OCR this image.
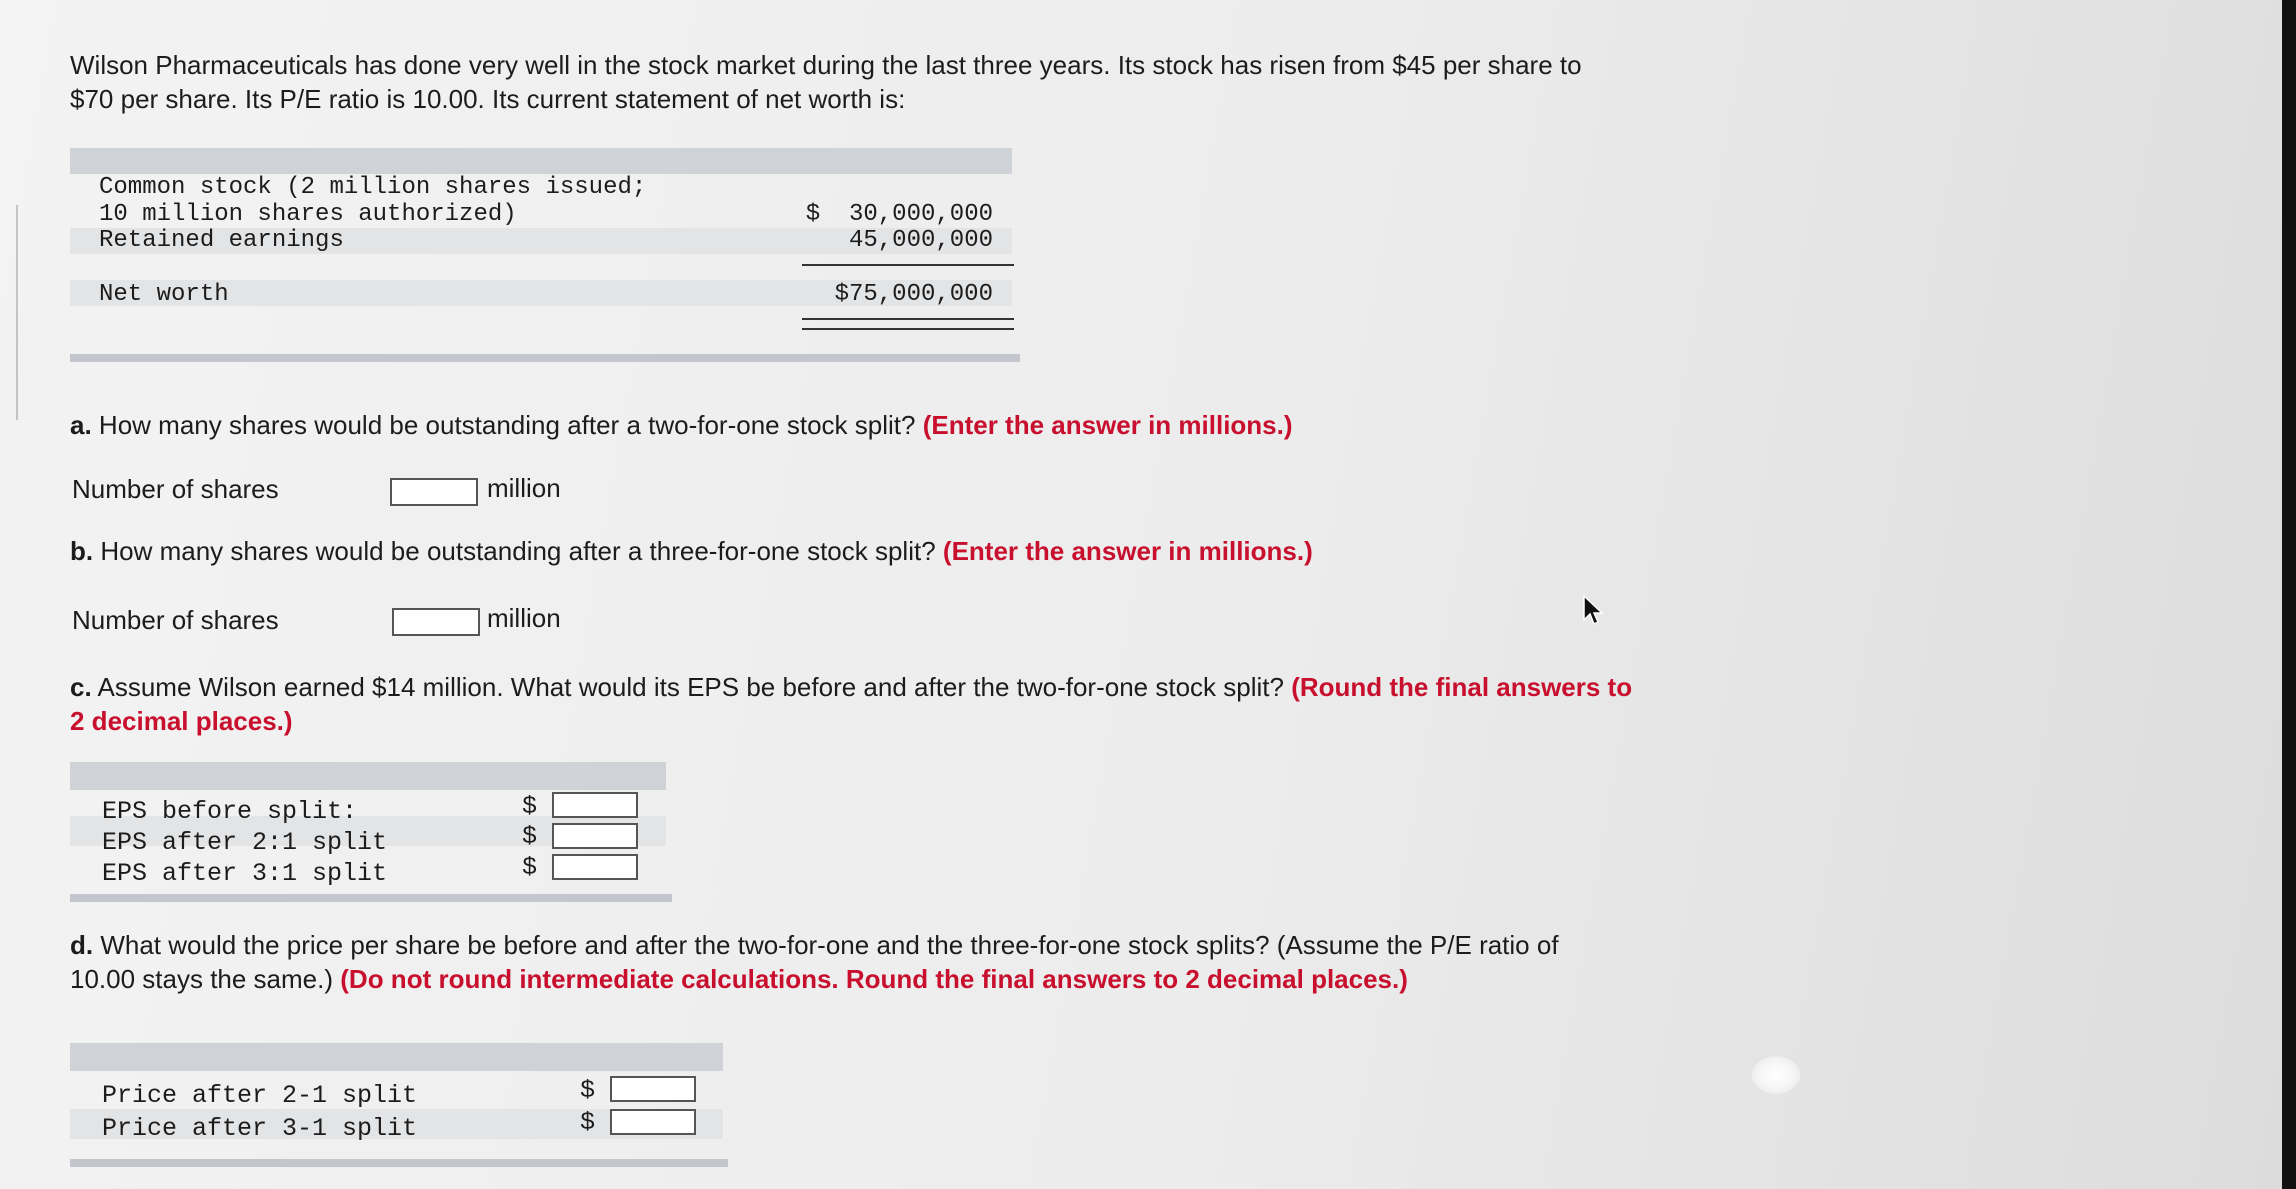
Wilson Pharmaceuticals has done very well in the stock market during the last three years. Its stock has risen from $45 per share to
$70 per share. Its P/E ratio is 10.00. Its current statement of net worth is:
Common stock (2 million shares issued;
10 million shares authorized)	$  30,000,000
Retained earnings	45,000,000
Net worth	$75,000,000
a. How many shares would be outstanding after a two-for-one stock split? (Enter the answer in millions.)
Number of shares	million
b. How many shares would be outstanding after a three-for-one stock split? (Enter the answer in millions.)
Number of shares	million
c. Assume Wilson earned $14 million. What would its EPS be before and after the two-for-one stock split? (Round the final answers to
2 decimal places.)
EPS before split:	$
EPS after 2:1 split	$
EPS after 3:1 split	$
d. What would the price per share be before and after the two-for-one and the three-for-one stock splits? (Assume the P/E ratio of
10.00 stays the same.) (Do not round intermediate calculations. Round the final answers to 2 decimal places.)
Price after 2-1 split	$
Price after 3-1 split	$
